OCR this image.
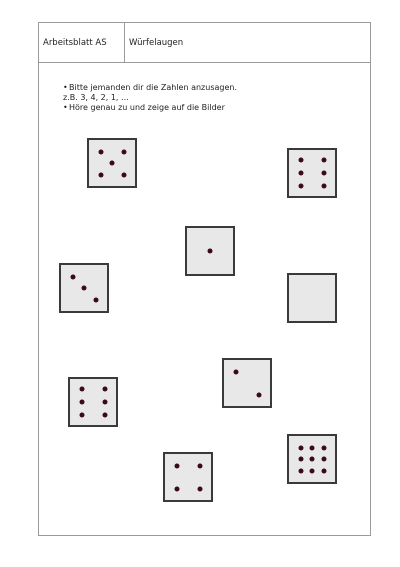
Arbeitsblatt AS	Würfelaugen
•Bitte jemanden dir die Zahlen anzusagen.
z.B. 3, 4, 2, 1, ...
•Höre genau zu und zeige auf die Bilder
